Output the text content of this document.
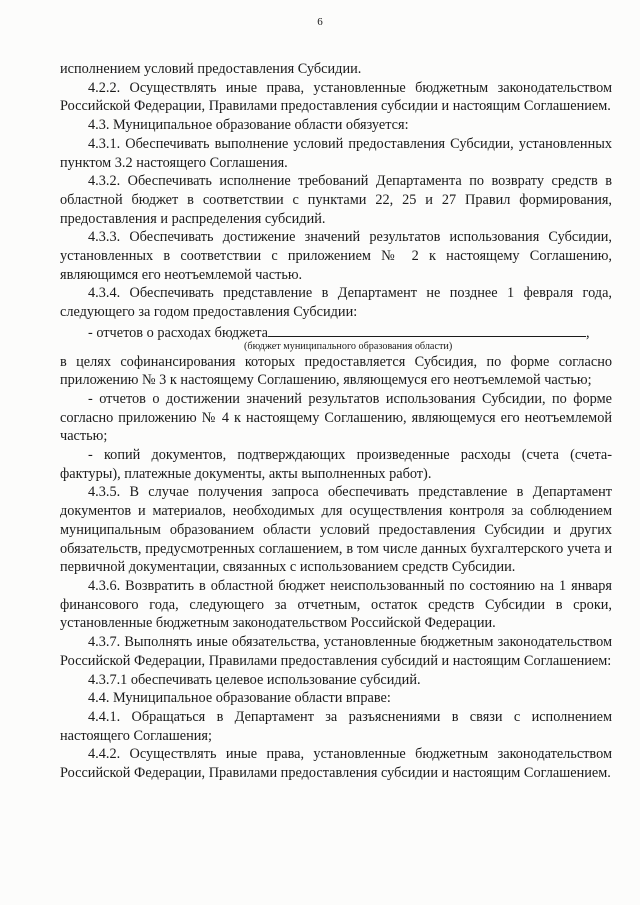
6

исполнением условий предоставления Субсидии.

4.2.2. Осуществлять иные права, установленные бюджетным законодательством Российской Федерации, Правилами предоставления субсидии и настоящим Соглашением.

4.3. Муниципальное образование области обязуется:

4.3.1. Обеспечивать выполнение условий предоставления Субсидии, установленных пунктом 3.2 настоящего Соглашения.

4.3.2. Обеспечивать исполнение требований Департамента по возврату средств в областной бюджет в соответствии с пунктами 22, 25 и 27 Правил формирования, предоставления и распределения субсидий.

4.3.3. Обеспечивать достижение значений результатов использования Субсидии, установленных в соответствии с приложением № 2 к настоящему Соглашению, являющимся его неотъемлемой частью.

4.3.4. Обеспечивать представление в Департамент не позднее 1 февраля года, следующего за годом предоставления Субсидии:

- отчетов о расходах бюджета	,

(бюджет муниципального образования области)

в целях софинансирования которых предоставляется Субсидия, по форме согласно приложению № 3 к настоящему Соглашению, являющемуся его неотъемлемой частью;

- отчетов о достижении значений результатов использования Субсидии, по форме согласно приложению № 4 к настоящему Соглашению, являющемуся его неотъемлемой частью;

- копий документов, подтверждающих произведенные расходы (счета (счета-фактуры), платежные документы, акты выполненных работ).

4.3.5. В случае получения запроса обеспечивать представление в Департамент документов и материалов, необходимых для осуществления контроля за соблюдением муниципальным образованием области условий предоставления Субсидии и других обязательств, предусмотренных соглашением, в том числе данных бухгалтерского учета и первичной документации, связанных с использованием средств Субсидии.

4.3.6. Возвратить в областной бюджет неиспользованный по состоянию на 1 января финансового года, следующего за отчетным, остаток средств Субсидии в сроки, установленные бюджетным законодательством Российской Федерации.

4.3.7. Выполнять иные обязательства, установленные бюджетным законодательством Российской Федерации, Правилами предоставления субсидий и настоящим Соглашением:

4.3.7.1 обеспечивать целевое использование субсидий.

4.4. Муниципальное образование области вправе:

4.4.1. Обращаться в Департамент за разъяснениями в связи с исполнением настоящего Соглашения;

4.4.2. Осуществлять иные права, установленные бюджетным законодательством Российской Федерации, Правилами предоставления субсидии и настоящим Соглашением.
